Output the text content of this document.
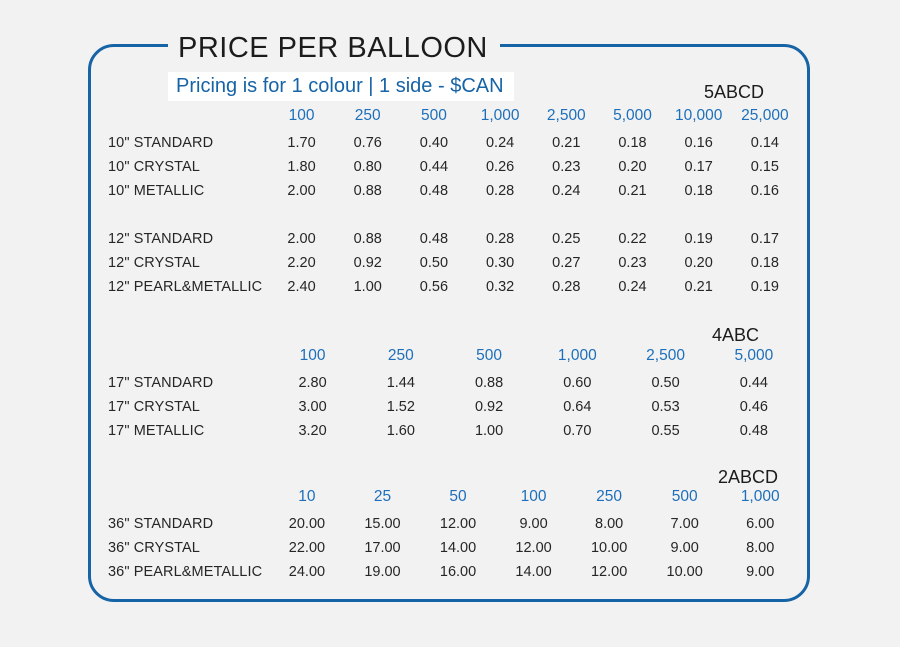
PRICE PER BALLOON
Pricing is for 1 colour | 1 side - $CAN	5ABCD
	100	250	500	1,000	2,500	5,000	10,000	25,000
10" STANDARD	1.70	0.76	0.40	0.24	0.21	0.18	0.16	0.14
10" CRYSTAL	1.80	0.80	0.44	0.26	0.23	0.20	0.17	0.15
10" METALLIC	2.00	0.88	0.48	0.28	0.24	0.21	0.18	0.16

12" STANDARD	2.00	0.88	0.48	0.28	0.25	0.22	0.19	0.17
12" CRYSTAL	2.20	0.92	0.50	0.30	0.27	0.23	0.20	0.18
12" PEARL&METALLIC	2.40	1.00	0.56	0.32	0.28	0.24	0.21	0.19
4ABC
	100	250	500	1,000	2,500	5,000
17" STANDARD	2.80	1.44	0.88	0.60	0.50	0.44
17" CRYSTAL	3.00	1.52	0.92	0.64	0.53	0.46
17" METALLIC	3.20	1.60	1.00	0.70	0.55	0.48
2ABCD
	10	25	50	100	250	500	1,000
36" STANDARD	20.00	15.00	12.00	9.00	8.00	7.00	6.00
36" CRYSTAL	22.00	17.00	14.00	12.00	10.00	9.00	8.00
36" PEARL&METALLIC	24.00	19.00	16.00	14.00	12.00	10.00	9.00
